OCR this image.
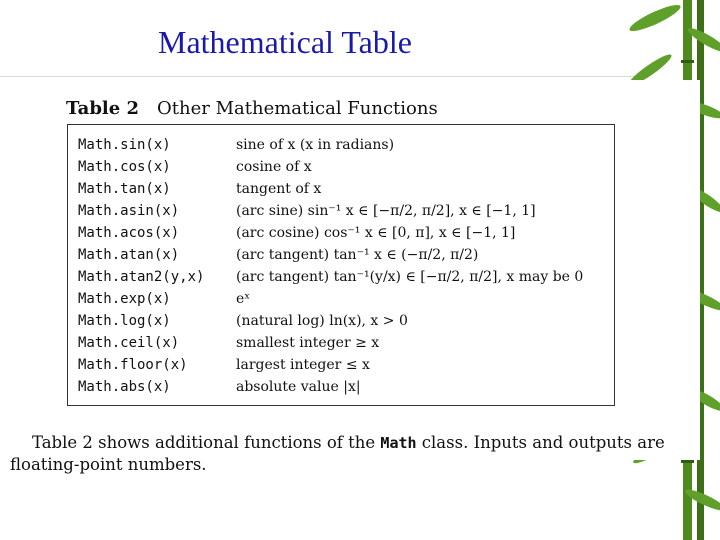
Mathematical Table
Table 2 Other Mathematical Functions
Math.sin(x)	sine of x (x in radians)
Math.cos(x)	cosine of x
Math.tan(x)	tangent of x
Math.asin(x)	(arc sine) sin⁻¹ x ∈ [−π/2, π/2], x ∈ [−1, 1]
Math.acos(x)	(arc cosine) cos⁻¹ x ∈ [0, π], x ∈ [−1, 1]
Math.atan(x)	(arc tangent) tan⁻¹ x ∈ (−π/2, π/2)
Math.atan2(y,x) (arc tangent) tan⁻¹(y/x) ∈ [−π/2, π/2], x may be 0
Math.exp(x)	eˣ
Math.log(x)	(natural log) ln(x), x > 0
Math.ceil(x)	smallest integer ≥ x
Math.floor(x)	largest integer ≤ x
Math.abs(x)	absolute value |x|
Table 2 shows additional functions of the Math class. Inputs and outputs are floating-point numbers.
